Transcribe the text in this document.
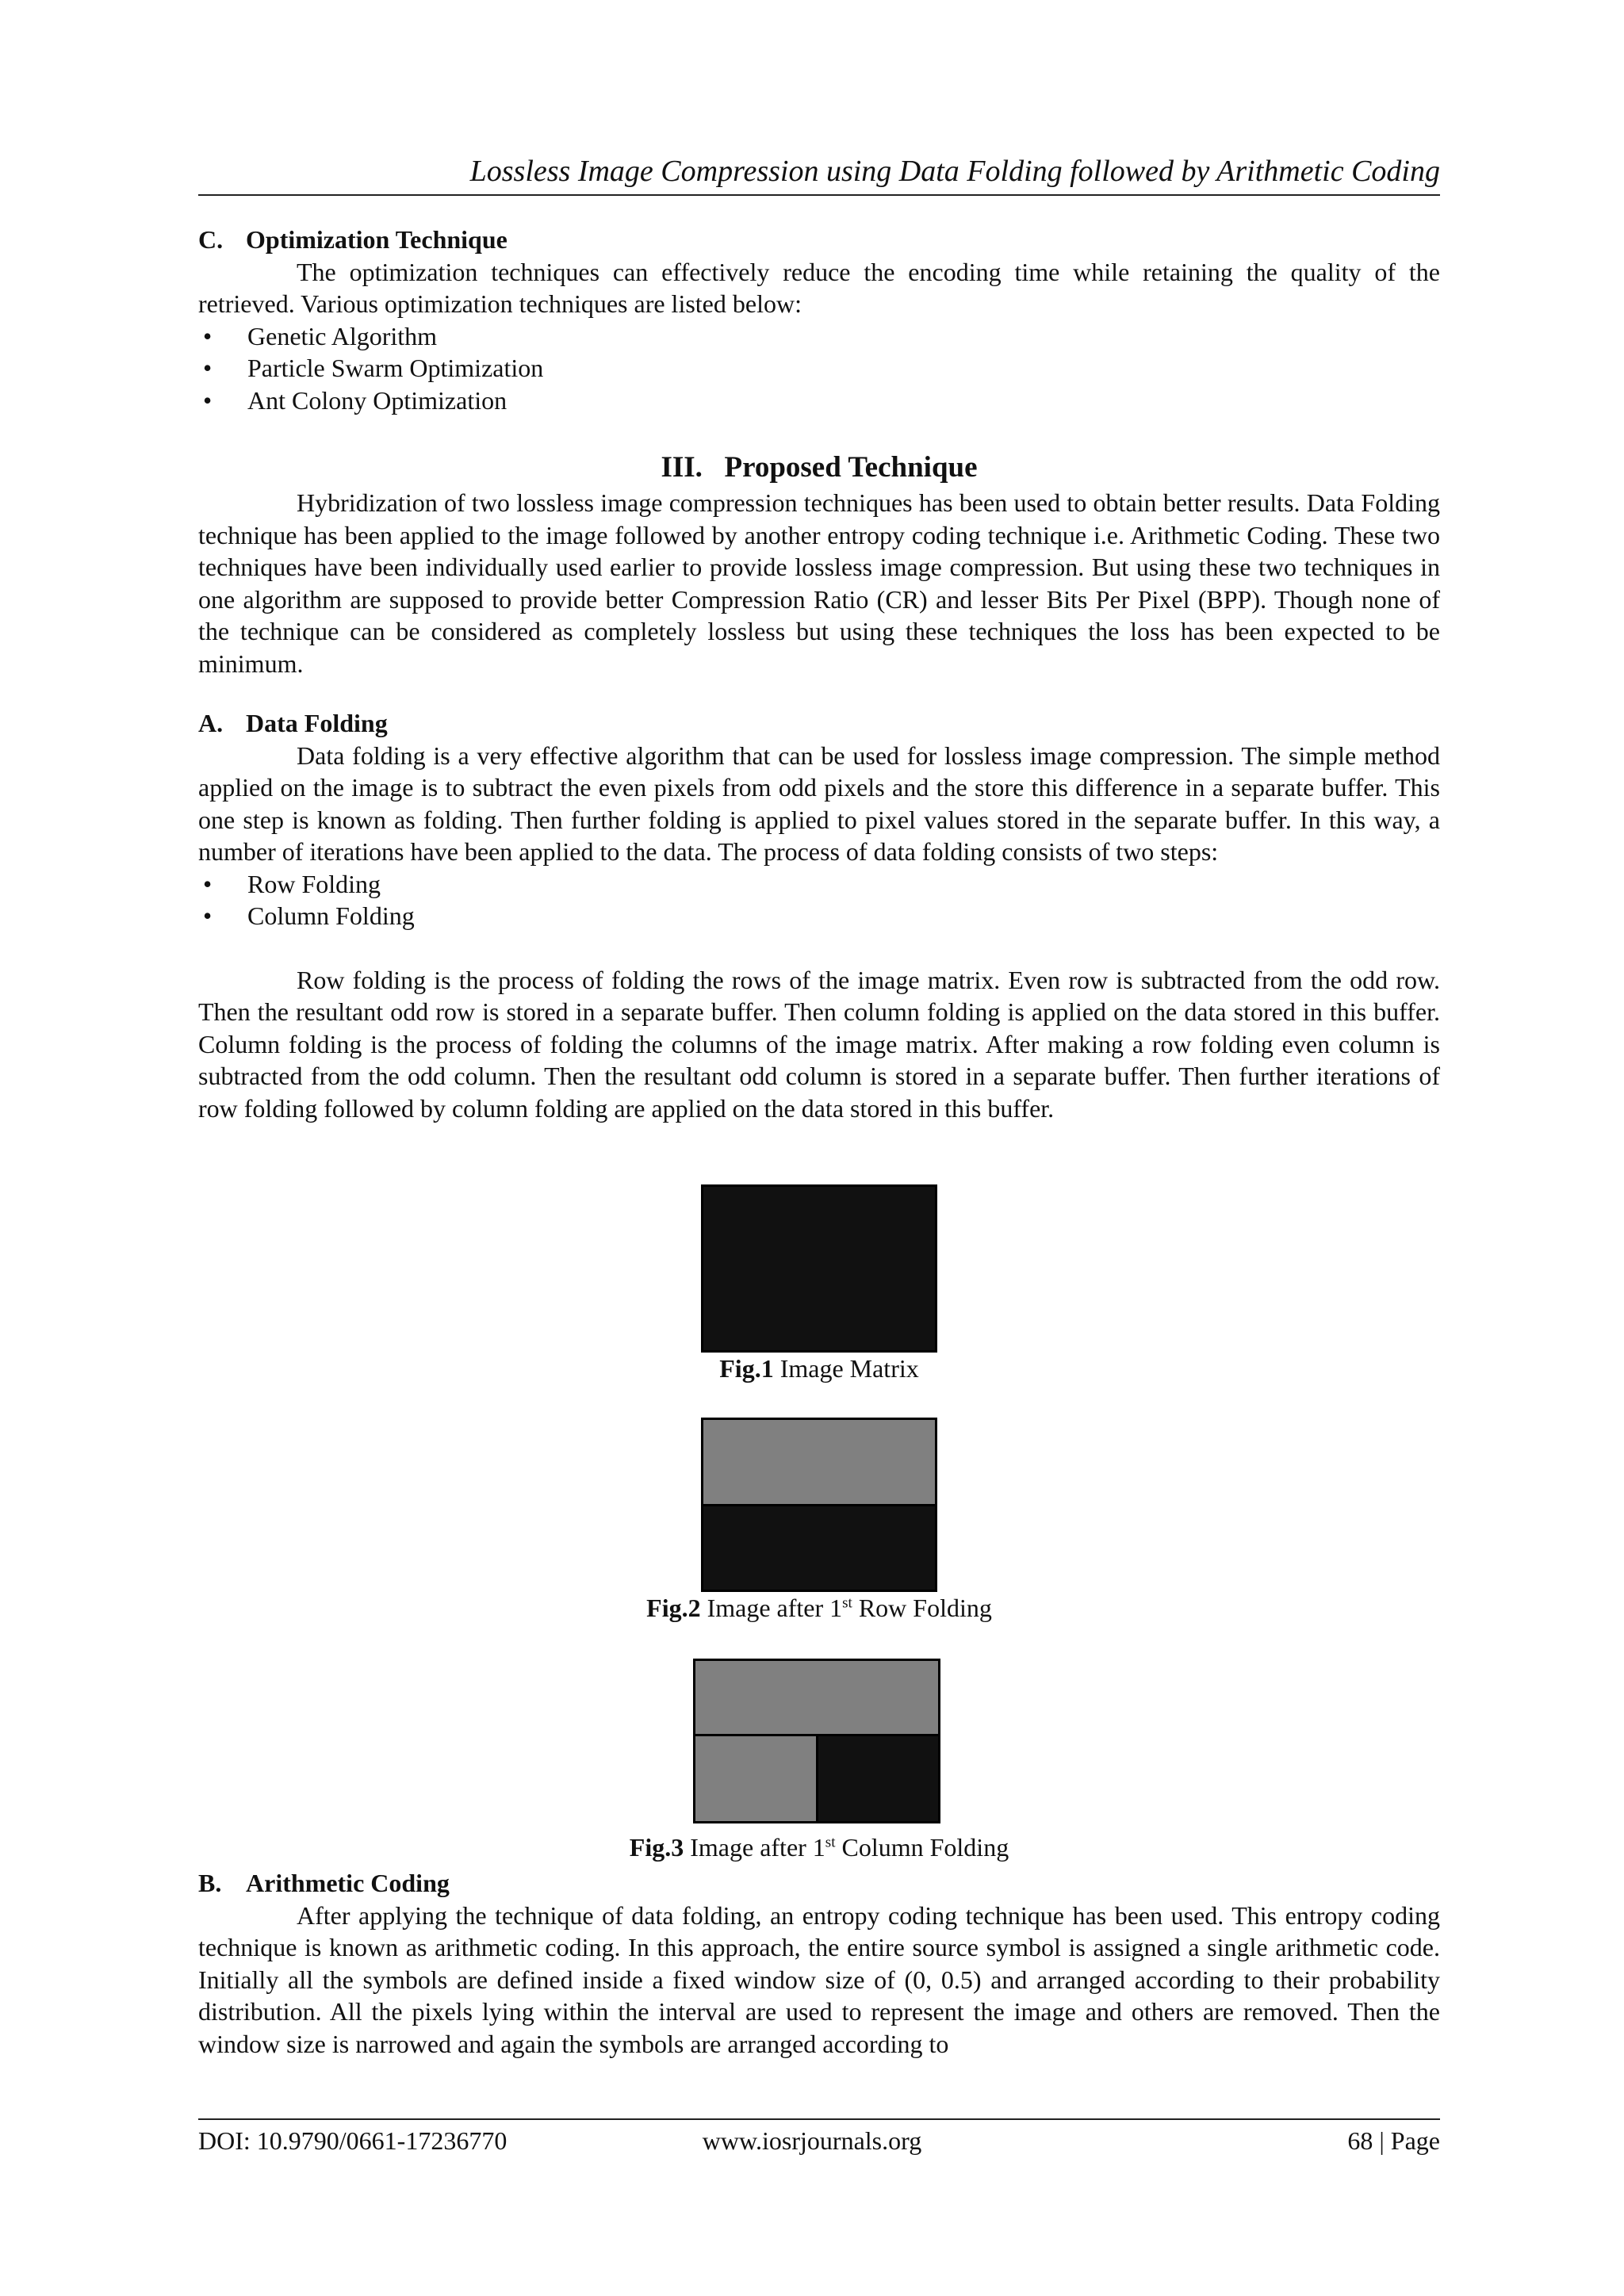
Lossless Image Compression using Data Folding followed by Arithmetic Coding

C. Optimization Technique

The optimization techniques can effectively reduce the encoding time while retaining the quality of the retrieved. Various optimization techniques are listed below:

• Genetic Algorithm
• Particle Swarm Optimization
• Ant Colony Optimization
III. Proposed Technique

Hybridization of two lossless image compression techniques has been used to obtain better results. Data Folding technique has been applied to the image followed by another entropy coding technique i.e. Arithmetic Coding. These two techniques have been individually used earlier to provide lossless image compression. But using these two techniques in one algorithm are supposed to provide better Compression Ratio (CR) and lesser Bits Per Pixel (BPP). Though none of the technique can be considered as completely lossless but using these techniques the loss has been expected to be minimum.

A. Data Folding

Data folding is a very effective algorithm that can be used for lossless image compression. The simple method applied on the image is to subtract the even pixels from odd pixels and the store this difference in a separate buffer. This one step is known as folding. Then further folding is applied to pixel values stored in the separate buffer. In this way, a number of iterations have been applied to the data. The process of data folding consists of two steps:

• Row Folding
• Column Folding

Row folding is the process of folding the rows of the image matrix. Even row is subtracted from the odd row. Then the resultant odd row is stored in a separate buffer. Then column folding is applied on the data stored in this buffer. Column folding is the process of folding the columns of the image matrix. After making a row folding even column is subtracted from the odd column. Then the resultant odd column is stored in a separate buffer. Then further iterations of row folding followed by column folding are applied on the data stored in this buffer.

Fig.1 Image Matrix
Fig.2 Image after 1st Row Folding
Fig.3 Image after 1st Column Folding

B. Arithmetic Coding

After applying the technique of data folding, an entropy coding technique has been used. This entropy coding technique is known as arithmetic coding. In this approach, the entire source symbol is assigned a single arithmetic code. Initially all the symbols are defined inside a fixed window size of (0, 0.5) and arranged according to their probability distribution. All the pixels lying within the interval are used to represent the image and others are removed. Then the window size is narrowed and again the symbols are arranged according to

DOI: 10.9790/0661-17236770	www.iosrjournals.org	68 | Page
